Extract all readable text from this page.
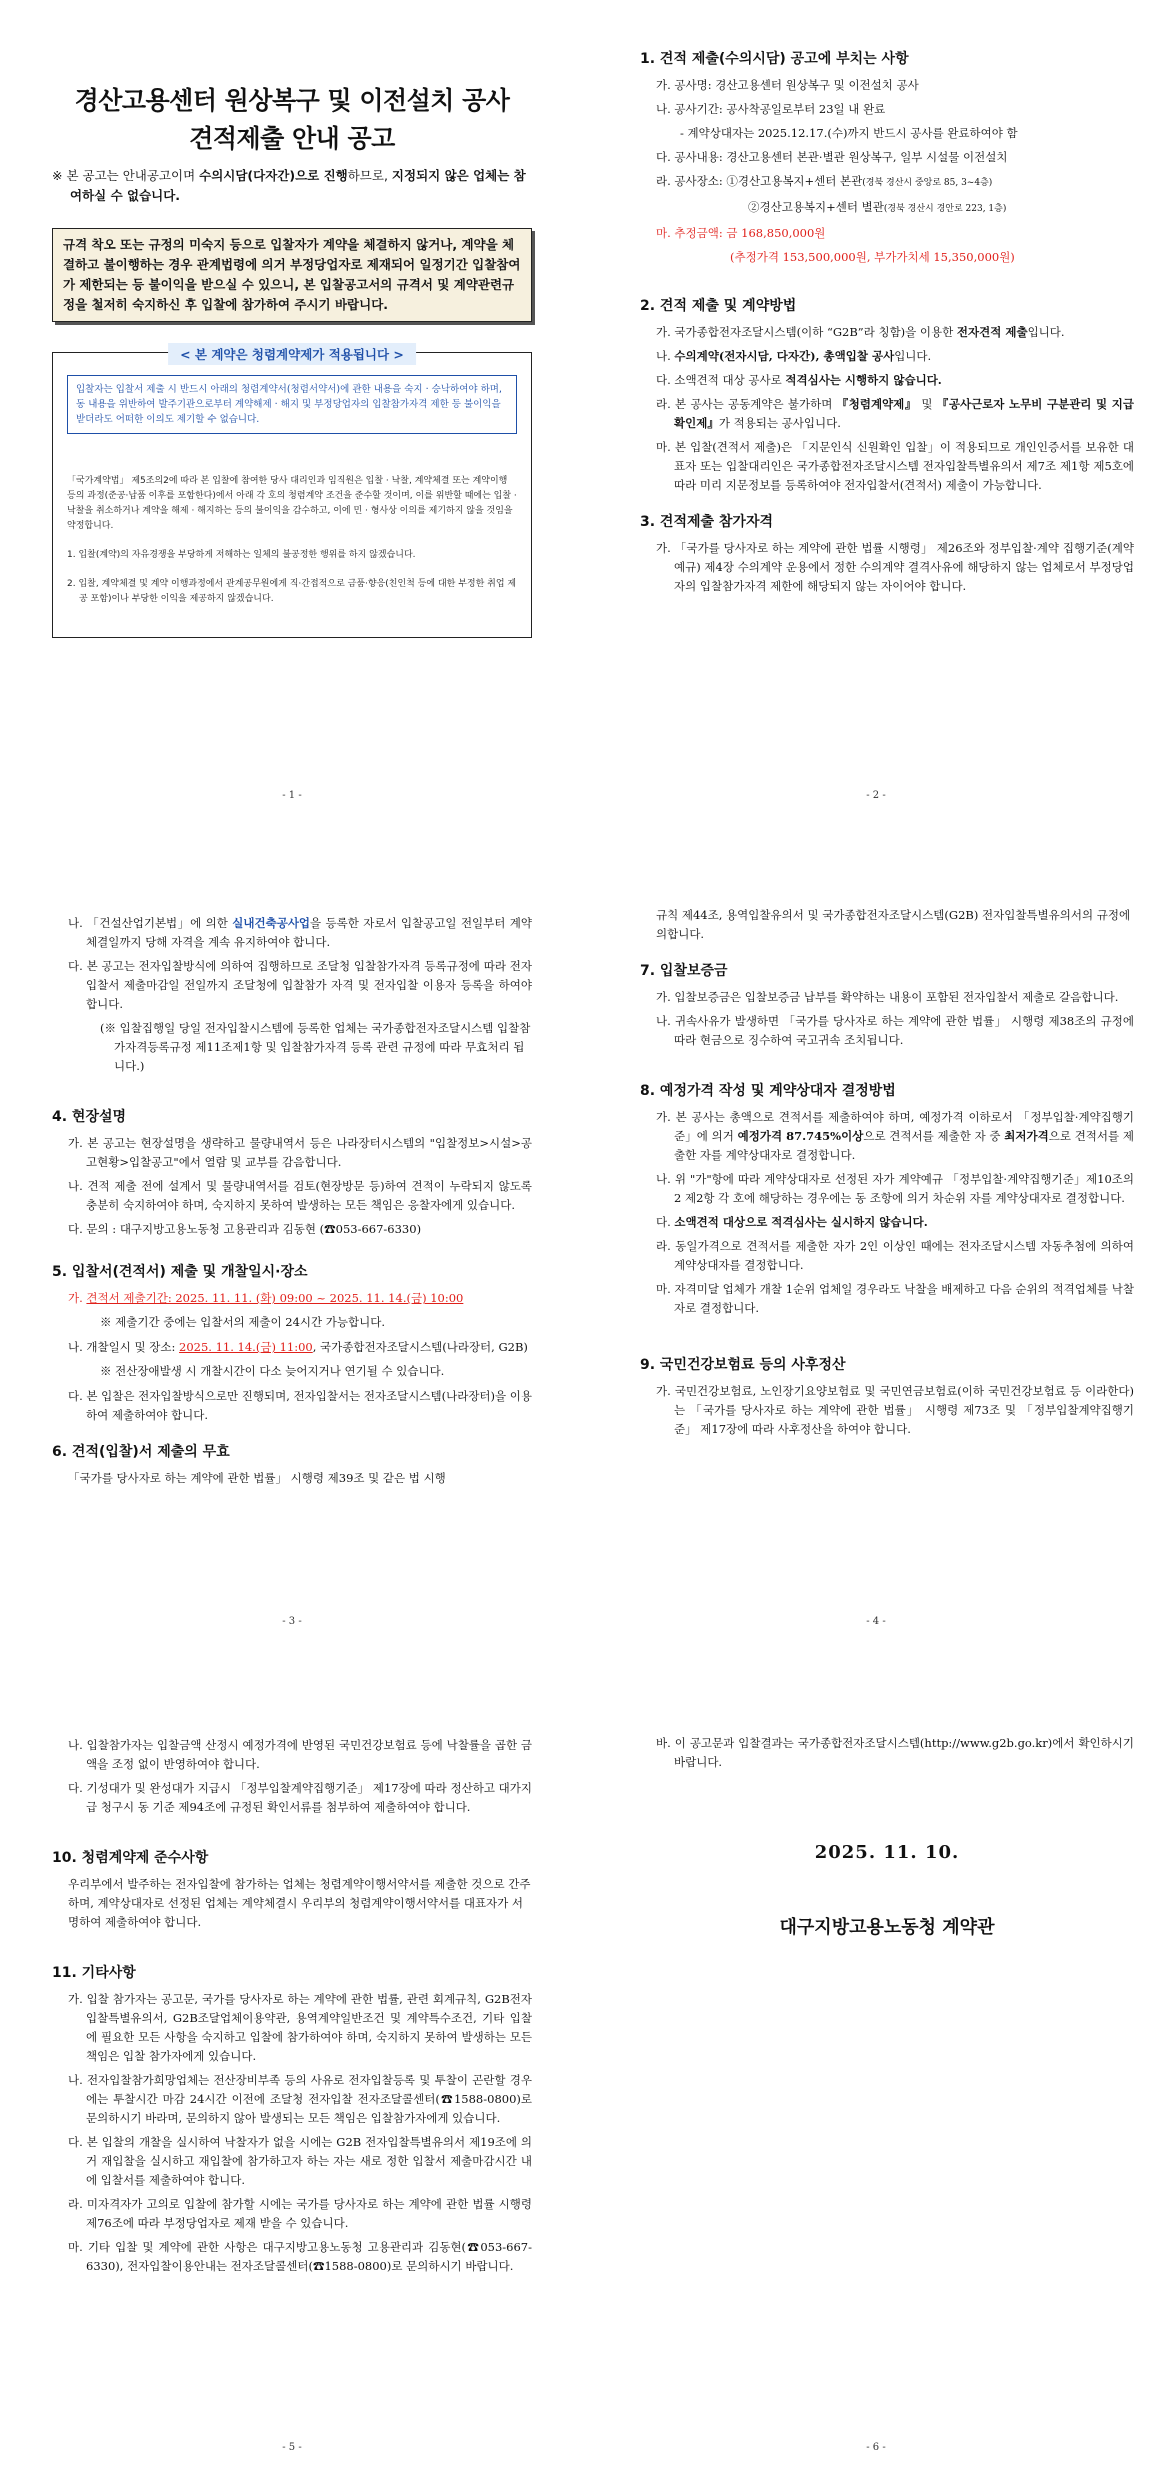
경산고용센터 원상복구 및 이전설치 공사
견적제출 안내 공고
※ 본 공고는 안내공고이며 수의시담(다자간)으로 진행하므로, 지정되지 않은 업체는 참여하실 수 없습니다.
규격 착오 또는 규정의 미숙지 등으로 입찰자가 계약을 체결하지 않거나, 계약을 체결하고 불이행하는 경우 관계법령에 의거 부정당업자로 제재되어 일정기간 입찰참여가 제한되는 등 불이익을 받으실 수 있으니, 본 입찰공고서의 규격서 및 계약관련규정을 철저히 숙지하신 후 입찰에 참가하여 주시기 바랍니다.
< 본 계약은 청렴계약제가 적용됩니다 >
입찰자는 입찰서 제출 시 반드시 아래의 청렴계약서(청렴서약서)에 관한 내용을 숙지 · 승낙하여야 하며, 동 내용을 위반하여 발주기관으로부터 계약해제 · 해지 및 부정당업자의 입찰참가자격 제한 등 불이익을 받더라도 어떠한 이의도 제기할 수 없습니다.

「국가계약법」 제5조의2에 따라 본 입찰에 참여한 당사 대리인과 임직원은 입찰 · 낙찰, 계약체결 또는 계약이행 등의 과정(준공·납품 이후를 포함한다)에서 아래 각 호의 청렴계약 조건을 준수할 것이며, 이를 위반할 때에는 입찰 · 낙찰을 취소하거나 계약을 해제 · 해지하는 등의 불이익을 감수하고, 이에 민 · 형사상 이의를 제기하지 않을 것임을 약정합니다.

1. 입찰(계약)의 자유경쟁을 부당하게 저해하는 일체의 불공정한 행위를 하지 않겠습니다.

2. 입찰, 계약체결 및 계약 이행과정에서 관계공무원에게 직·간접적으로 금품·향응(친인척 등에 대한 부정한 취업 제공 포함)이나 부당한 이익을 제공하지 않겠습니다.

- 1 -
1. 견적 제출(수의시담) 공고에 부치는 사항
가. 공사명: 경산고용센터 원상복구 및 이전설치 공사
나. 공사기간: 공사착공일로부터 23일 내 완료
- 계약상대자는 2025.12.17.(수)까지 반드시 공사를 완료하여야 함
다. 공사내용: 경산고용센터 본관·별관 원상복구, 일부 시설물 이전설치
라. 공사장소: ①경산고용복지+센터 본관(경북 경산시 중앙로 85, 3~4층)
②경산고용복지+센터 별관(경북 경산시 경안로 223, 1층)
마. 추정금액: 금 168,850,000원
(추정가격 153,500,000원, 부가가치세 15,350,000원)
2. 견적 제출 및 계약방법
가. 국가종합전자조달시스템(이하 “G2B”라 칭함)을 이용한 전자견적 제출입니다.
나. 수의계약(전자시담, 다자간), 총액입찰 공사입니다.
다. 소액견적 대상 공사로 적격심사는 시행하지 않습니다.
라. 본 공사는 공동계약은 불가하며 『청렴계약제』 및 『공사근로자 노무비 구분관리 및 지급확인제』가 적용되는 공사입니다.
마. 본 입찰(견적서 제출)은 「지문인식 신원확인 입찰」이 적용되므로 개인인증서를 보유한 대표자 또는 입찰대리인은 국가종합전자조달시스템 전자입찰특별유의서 제7조 제1항 제5호에 따라 미리 지문정보를 등록하여야 전자입찰서(견적서) 제출이 가능합니다.
3. 견적제출 참가자격
가. 「국가를 당사자로 하는 계약에 관한 법률 시행령」 제26조와 정부입찰·계약 집행기준(계약예규) 제4장 수의계약 운용에서 정한 수의계약 결격사유에 해당하지 않는 업체로서 부정당업자의 입찰참가자격 제한에 해당되지 않는 자이어야 합니다.
- 2 -
나. 「건설산업기본법」에 의한 실내건축공사업을 등록한 자로서 입찰공고일 전일부터 계약체결일까지 당해 자격을 계속 유지하여야 합니다.
다. 본 공고는 전자입찰방식에 의하여 집행하므로 조달청 입찰참가자격 등록규정에 따라 전자입찰서 제출마감일 전일까지 조달청에 입찰참가 자격 및 전자입찰 이용자 등록을 하여야 합니다.
(※ 입찰집행일 당일 전자입찰시스템에 등록한 업체는 국가종합전자조달시스템 입찰참가자격등록규정 제11조제1항 및 입찰참가자격 등록 관련 규정에 따라 무효처리 됩니다.)
4. 현장설명
가. 본 공고는 현장설명을 생략하고 물량내역서 등은 나라장터시스템의 "입찰정보>시설>공고현황>입찰공고"에서 열람 및 교부를 감음합니다.
나. 견적 제출 전에 설계서 및 물량내역서를 검토(현장방문 등)하여 견적이 누락되지 않도록 충분히 숙지하여야 하며, 숙지하지 못하여 발생하는 모든 책임은 응찰자에게 있습니다.
다. 문의 : 대구지방고용노동청 고용관리과 김동현 (☎053-667-6330)
5. 입찰서(견적서) 제출 및 개찰일시·장소
가. 견적서 제출기간: 2025. 11. 11. (화) 09:00 ~ 2025. 11. 14.(금) 10:00
※ 제출기간 중에는 입찰서의 제출이 24시간 가능합니다.
나. 개찰일시 및 장소: 2025. 11. 14.(금) 11:00, 국가종합전자조달시스템(나라장터, G2B)
※ 전산장애발생 시 개찰시간이 다소 늦어지거나 연기될 수 있습니다.
다. 본 입찰은 전자입찰방식으로만 진행되며, 전자입찰서는 전자조달시스템(나라장터)을 이용하여 제출하여야 합니다.
6. 견적(입찰)서 제출의 무효
「국가를 당사자로 하는 계약에 관한 법률」 시행령 제39조 및 같은 법 시행
- 3 -
규칙 제44조, 용역입찰유의서 및 국가종합전자조달시스템(G2B) 전자입찰특별유의서의 규정에 의합니다.
7. 입찰보증금
가. 입찰보증금은 입찰보증금 납부를 확약하는 내용이 포함된 전자입찰서 제출로 갈음합니다.
나. 귀속사유가 발생하면 「국가를 당사자로 하는 계약에 관한 법률」 시행령 제38조의 규정에 따라 현금으로 징수하여 국고귀속 조치됩니다.
8. 예정가격 작성 및 계약상대자 결정방법
가. 본 공사는 총액으로 견적서를 제출하여야 하며, 예정가격 이하로서 「정부입찰·계약집행기준」에 의거 예정가격 87.745%이상으로 견적서를 제출한 자 중 최저가격으로 견적서를 제출한 자를 계약상대자로 결정합니다.
나. 위 "가"항에 따라 계약상대자로 선정된 자가 계약예규 「정부입찰·계약집행기준」제10조의2 제2항 각 호에 해당하는 경우에는 동 조항에 의거 차순위 자를 계약상대자로 결정합니다.
다. 소액견적 대상으로 적격심사는 실시하지 않습니다.
라. 동일가격으로 견적서를 제출한 자가 2인 이상인 때에는 전자조달시스템 자동추첨에 의하여 계약상대자를 결정합니다.
마. 자격미달 업체가 개찰 1순위 업체일 경우라도 낙찰을 배제하고 다음 순위의 적격업체를 낙찰자로 결정합니다.
9. 국민건강보험료 등의 사후정산
가. 국민건강보험료, 노인장기요양보험료 및 국민연금보험료(이하 국민건강보험료 등 이라한다)는 「국가를 당사자로 하는 계약에 관한 법률」 시행령 제73조 및 「정부입찰계약집행기준」 제17장에 따라 사후정산을 하여야 합니다.
- 4 -
나. 입찰참가자는 입찰금액 산정시 예정가격에 반영된 국민건강보험료 등에 낙찰률을 곱한 금액을 조정 없이 반영하여야 합니다.
다. 기성대가 및 완성대가 지급시 「정부입찰계약집행기준」 제17장에 따라 정산하고 대가지급 청구시 동 기준 제94조에 규정된 확인서류를 첨부하여 제출하여야 합니다.
10. 청렴계약제 준수사항
우리부에서 발주하는 전자입찰에 참가하는 업체는 청렴계약이행서약서를 제출한 것으로 간주하며, 계약상대자로 선정된 업체는 계약체결시 우리부의 청렴계약이행서약서를 대표자가 서명하여 제출하여야 합니다.
11. 기타사항
가. 입찰 참가자는 공고문, 국가를 당사자로 하는 계약에 관한 법률, 관련 회계규칙, G2B전자입찰특별유의서, G2B조달업체이용약관, 용역계약일반조건 및 계약특수조건, 기타 입찰에 필요한 모든 사항을 숙지하고 입찰에 참가하여야 하며, 숙지하지 못하여 발생하는 모든 책임은 입찰 참가자에게 있습니다.
나. 전자입찰참가희망업체는 전산장비부족 등의 사유로 전자입찰등록 및 투찰이 곤란할 경우에는 투찰시간 마감 24시간 이전에 조달청 전자입찰 전자조달콜센터(☎1588-0800)로 문의하시기 바라며, 문의하지 않아 발생되는 모든 책임은 입찰참가자에게 있습니다.
다. 본 입찰의 개찰을 실시하여 낙찰자가 없을 시에는 G2B 전자입찰특별유의서 제19조에 의거 재입찰을 실시하고 재입찰에 참가하고자 하는 자는 새로 정한 입찰서 제출마감시간 내에 입찰서를 제출하여야 합니다.
라. 미자격자가 고의로 입찰에 참가할 시에는 국가를 당사자로 하는 계약에 관한 법률 시행령 제76조에 따라 부정당업자로 제재 받을 수 있습니다.
마. 기타 입찰 및 계약에 관한 사항은 대구지방고용노동청 고용관리과 김동현(☎053-667-6330), 전자입찰이용안내는 전자조달콜센터(☎1588-0800)로 문의하시기 바랍니다.
- 5 -
바. 이 공고문과 입찰결과는 국가종합전자조달시스템(http://www.g2b.go.kr)에서 확인하시기 바랍니다.
2025. 11. 10.
대구지방고용노동청 계약관
- 6 -
